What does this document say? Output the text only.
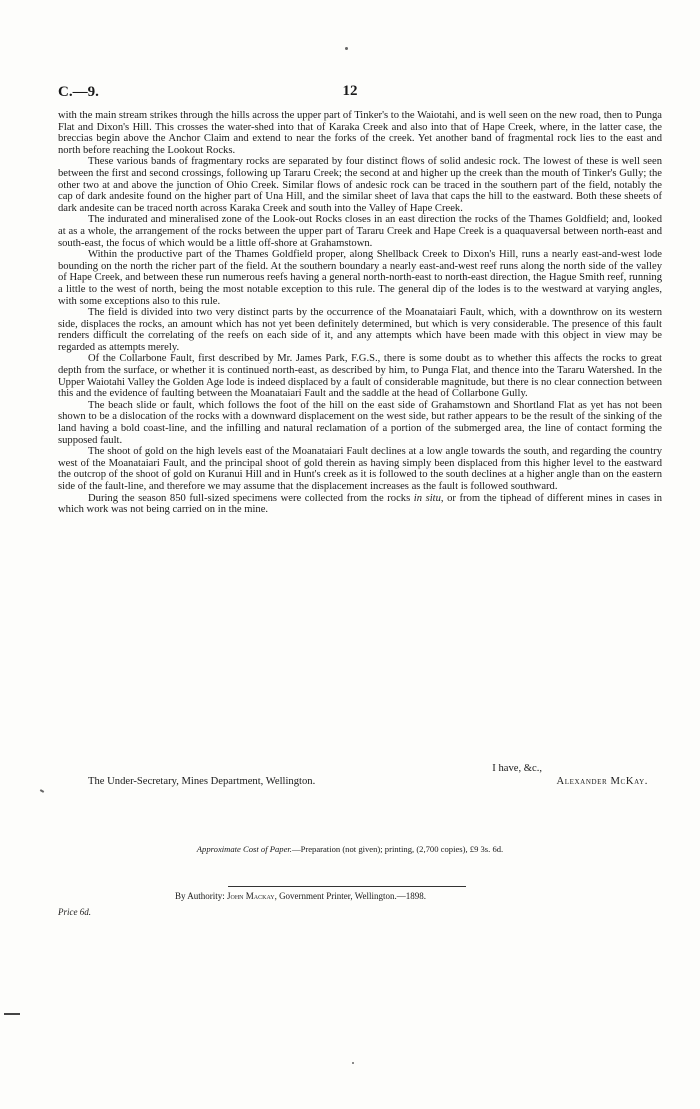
C.—9.	12

with the main stream strikes through the hills across the upper part of Tinker's to the Waiotahi, and is well seen on the new road, then to Punga Flat and Dixon's Hill. This crosses the water-shed into that of Karaka Creek and also into that of Hape Creek, where, in the latter case, the breccias begin above the Anchor Claim and extend to near the forks of the creek. Yet another band of fragmental rock lies to the east and north before reaching the Lookout Rocks.

These various bands of fragmentary rocks are separated by four distinct flows of solid andesic rock. The lowest of these is well seen between the first and second crossings, following up Tararu Creek; the second at and higher up the creek than the mouth of Tinker's Gully; the other two at and above the junction of Ohio Creek. Similar flows of andesic rock can be traced in the southern part of the field, notably the cap of dark andesite found on the higher part of Una Hill, and the similar sheet of lava that caps the hill to the eastward. Both these sheets of dark andesite can be traced north across Karaka Creek and south into the Valley of Hape Creek.

The indurated and mineralised zone of the Look-out Rocks closes in an east direction the rocks of the Thames Goldfield; and, looked at as a whole, the arrangement of the rocks between the upper part of Tararu Creek and Hape Creek is a quaquaversal between north-east and south-east, the focus of which would be a little off-shore at Grahamstown.

Within the productive part of the Thames Goldfield proper, along Shellback Creek to Dixon's Hill, runs a nearly east-and-west lode bounding on the north the richer part of the field. At the southern boundary a nearly east-and-west reef runs along the north side of the valley of Hape Creek, and between these run numerous reefs having a general north-north-east to north-east direction, the Hague Smith reef, running a little to the west of north, being the most notable exception to this rule. The general dip of the lodes is to the westward at varying angles, with some exceptions also to this rule.

The field is divided into two very distinct parts by the occurrence of the Moanataiari Fault, which, with a downthrow on its western side, displaces the rocks, an amount which has not yet been definitely determined, but which is very considerable. The presence of this fault renders difficult the correlating of the reefs on each side of it, and any attempts which have been made with this object in view may be regarded as attempts merely.

Of the Collarbone Fault, first described by Mr. James Park, F.G.S., there is some doubt as to whether this affects the rocks to great depth from the surface, or whether it is continued north-east, as described by him, to Punga Flat, and thence into the Tararu Watershed. In the Upper Waiotahi Valley the Golden Age lode is indeed displaced by a fault of considerable magnitude, but there is no clear connection between this and the evidence of faulting between the Moanataiari Fault and the saddle at the head of Collarbone Gully.

The beach slide or fault, which follows the foot of the hill on the east side of Grahamstown and Shortland Flat as yet has not been shown to be a dislocation of the rocks with a downward displacement on the west side, but rather appears to be the result of the sinking of the land having a bold coast-line, and the infilling and natural reclamation of a portion of the submerged area, the line of contact forming the supposed fault.

The shoot of gold on the high levels east of the Moanataiari Fault declines at a low angle towards the south, and regarding the country west of the Moanataiari Fault, and the principal shoot of gold therein as having simply been displaced from this higher level to the eastward the outcrop of the shoot of gold on Kuranui Hill and in Hunt's creek as it is followed to the south declines at a higher angle than on the eastern side of the fault-line, and therefore we may assume that the displacement increases as the fault is followed southward.

During the season 850 full-sized specimens were collected from the rocks in situ, or from the tiphead of different mines in cases in which work was not being carried on in the mine.

I have, &c.,
The Under-Secretary, Mines Department, Wellington.	Alexander McKay.
Approximate Cost of Paper.—Preparation (not given); printing, (2,700 copies), £9 3s. 6d.
By Authority: John Mackay, Government Printer, Wellington.—1898.
Price 6d.
